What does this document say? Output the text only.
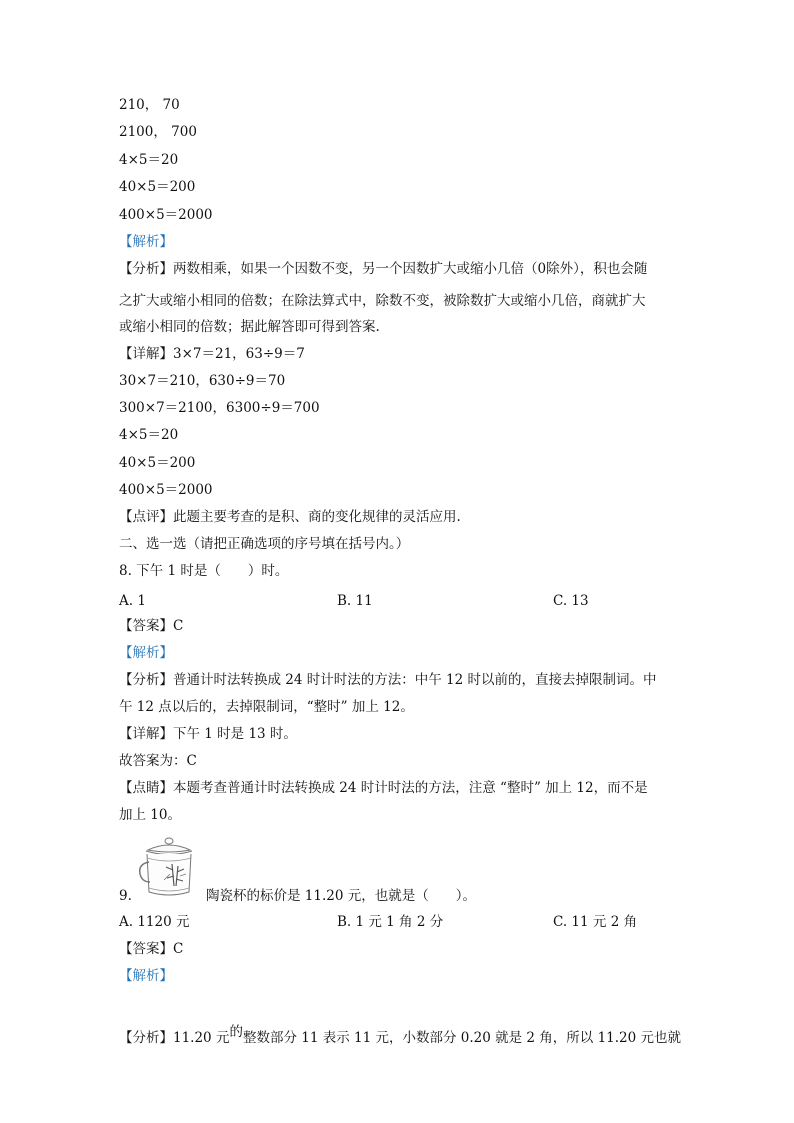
210， 70
2100， 700
4×5＝20
40×5＝200
400×5＝2000
【解析】
【分析】两数相乘，如果一个因数不变，另一个因数扩大或缩小几倍（0除外），积也会随
之扩大或缩小相同的倍数；在除法算式中，除数不变，被除数扩大或缩小几倍，商就扩大
或缩小相同的倍数；据此解答即可得到答案.
【详解】3×7＝21，63÷9＝7
30×7＝210，630÷9＝70
300×7＝2100，6300÷9＝700
4×5＝20
40×5＝200
400×5＝2000
【点评】此题主要考查的是积、商的变化规律的灵活应用.
二、选一选（请把正确选项的序号填在括号内。）
8. 下午 1 时是（　　）时。
A. 1	B. 11	C. 13
【答案】C
【解析】
【分析】普通计时法转换成 24 时计时法的方法：中午 12 时以前的，直接去掉限制词。中
午 12 点以后的，去掉限制词，“整时” 加上 12。
【详解】下午 1 时是 13 时。
故答案为：C
【点睛】本题考查普通计时法转换成 24 时计时法的方法，注意 “整时” 加上 12，而不是
加上 10。
9.	陶瓷杯的标价是 11.20 元，也就是（　　）。
A. 1120 元	B. 1 元 1 角 2 分	C. 11 元 2 角
【答案】C
【解析】
【分析】11.20 元的整数部分 11 表示 11 元，小数部分 0.20 就是 2 角，所以 11.20 元也就
